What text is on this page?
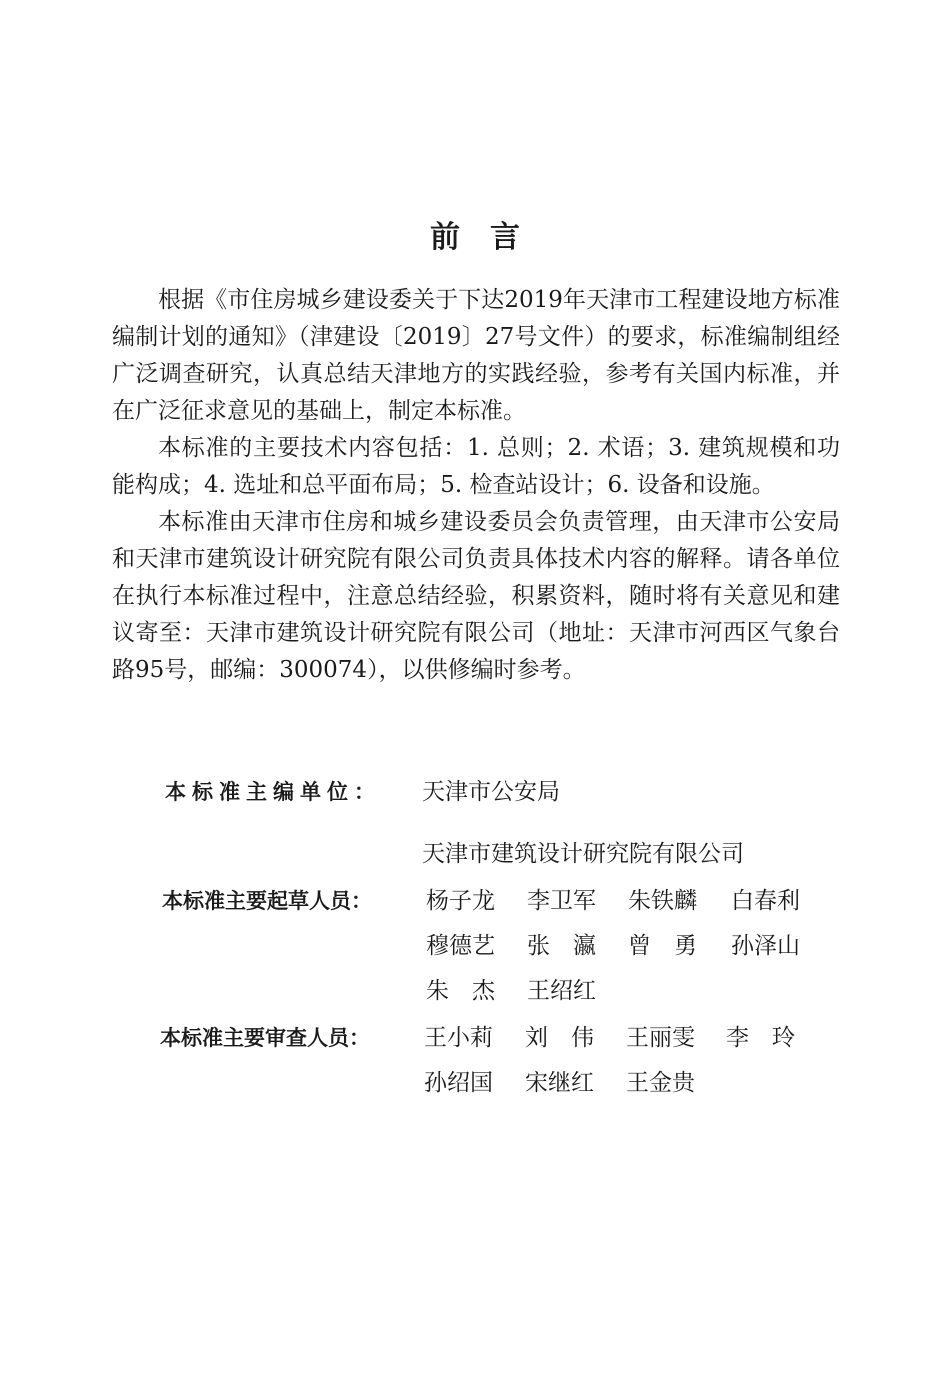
前言

根据《市住房城乡建设委关于下达2019年天津市工程建设地方标准编制计划的通知》（津建设〔2019〕27号文件）的要求，标准编制组经广泛调查研究，认真总结天津地方的实践经验，参考有关国内标准，并在广泛征求意见的基础上，制定本标准。

本标准的主要技术内容包括：1. 总则；2. 术语；3. 建筑规模和功能构成；4. 选址和总平面布局；5. 检查站设计；6. 设备和设施。

本标准由天津市住房和城乡建设委员会负责管理，由天津市公安局和天津市建筑设计研究院有限公司负责具体技术内容的解释。请各单位在执行本标准过程中，注意总结经验，积累资料，随时将有关意见和建议寄至：天津市建筑设计研究院有限公司（地址：天津市河西区气象台路95号，邮编：300074），以供修编时参考。

本标准主编单位： 天津市公安局
天津市建筑设计研究院有限公司
本标准主要起草人员： 杨子龙 李卫军 朱铁麟 白春利
穆德艺 张　瀛 曾　勇 孙泽山
朱　杰 王绍红
本标准主要审查人员： 王小莉 刘　伟 王丽雯 李　玲
孙绍国 宋继红 王金贵
